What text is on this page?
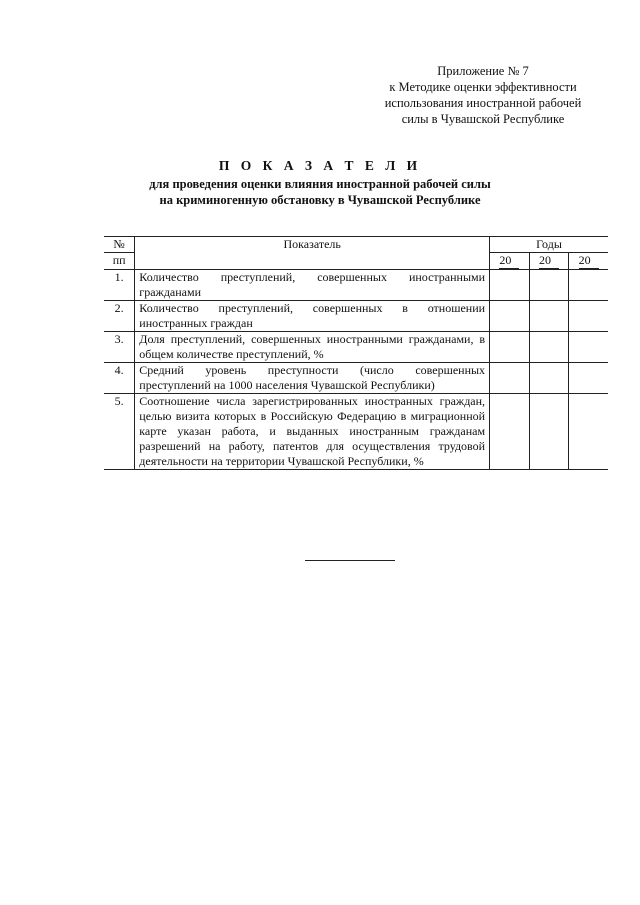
Приложение № 7
к Методике оценки эффективности
использования иностранной рабочей
силы в Чувашской Республике
П О К А З А Т Е Л И
для проведения оценки влияния иностранной рабочей силы
на криминогенную обстановку в Чувашской Республике
№	Показатель	Годы		
пп		20	20	20
1.	Количество преступлений, совершенных иностранными гражданами			
2.	Количество преступлений, совершенных в отношении иностранных граждан			
3.	Доля преступлений, совершенных иностранными гражданами, в общем количестве преступлений, %			
4.	Средний уровень преступности (число совершенных преступлений на 1000 населения Чувашской Республики)			
5.	Соотношение числа зарегистрированных иностранных граждан, целью визита которых в Российскую Федерацию в миграционной карте указан работа, и выданных иностранным гражданам разрешений на работу, патентов для осуществления трудовой деятельности на территории Чувашской Республики, %			
